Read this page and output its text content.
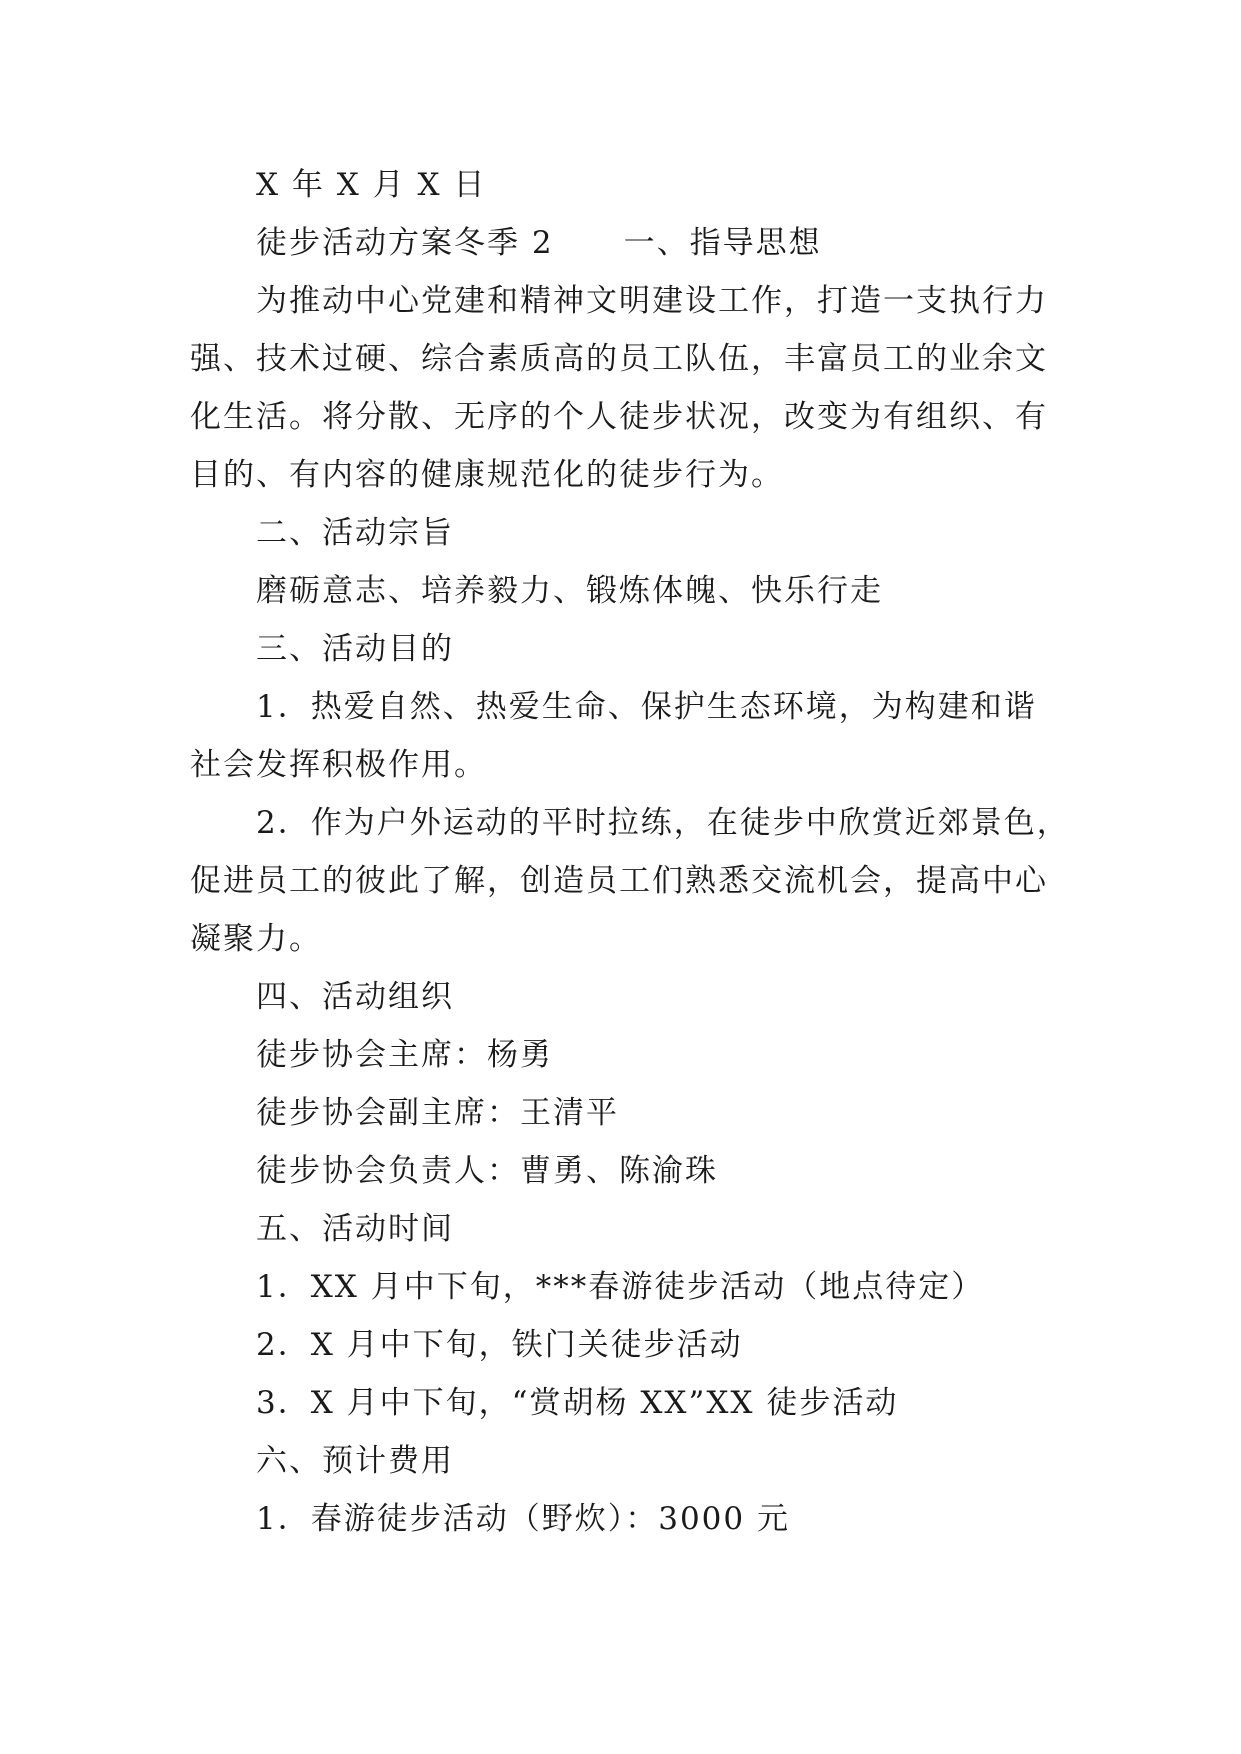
X 年 X 月 X 日
徒步活动方案冬季 2 一、指导思想
为推动中心党建和精神文明建设工作，打造一支执行力
强、技术过硬、综合素质高的员工队伍，丰富员工的业余文
化生活。将分散、无序的个人徒步状况，改变为有组织、有
目的、有内容的健康规范化的徒步行为。
二、活动宗旨
磨砺意志、培养毅力、锻炼体魄、快乐行走
三、活动目的
1．热爱自然、热爱生命、保护生态环境，为构建和谐
社会发挥积极作用。
2．作为户外运动的平时拉练，在徒步中欣赏近郊景色，
促进员工的彼此了解，创造员工们熟悉交流机会，提高中心
凝聚力。
四、活动组织
徒步协会主席：杨勇
徒步协会副主席：王清平
徒步协会负责人：曹勇、陈渝珠
五、活动时间
1．XX 月中下旬，***春游徒步活动（地点待定）
2．X 月中下旬，铁门关徒步活动
3．X 月中下旬，“赏胡杨 XX”XX 徒步活动
六、预计费用
1．春游徒步活动（野炊）：3000 元
